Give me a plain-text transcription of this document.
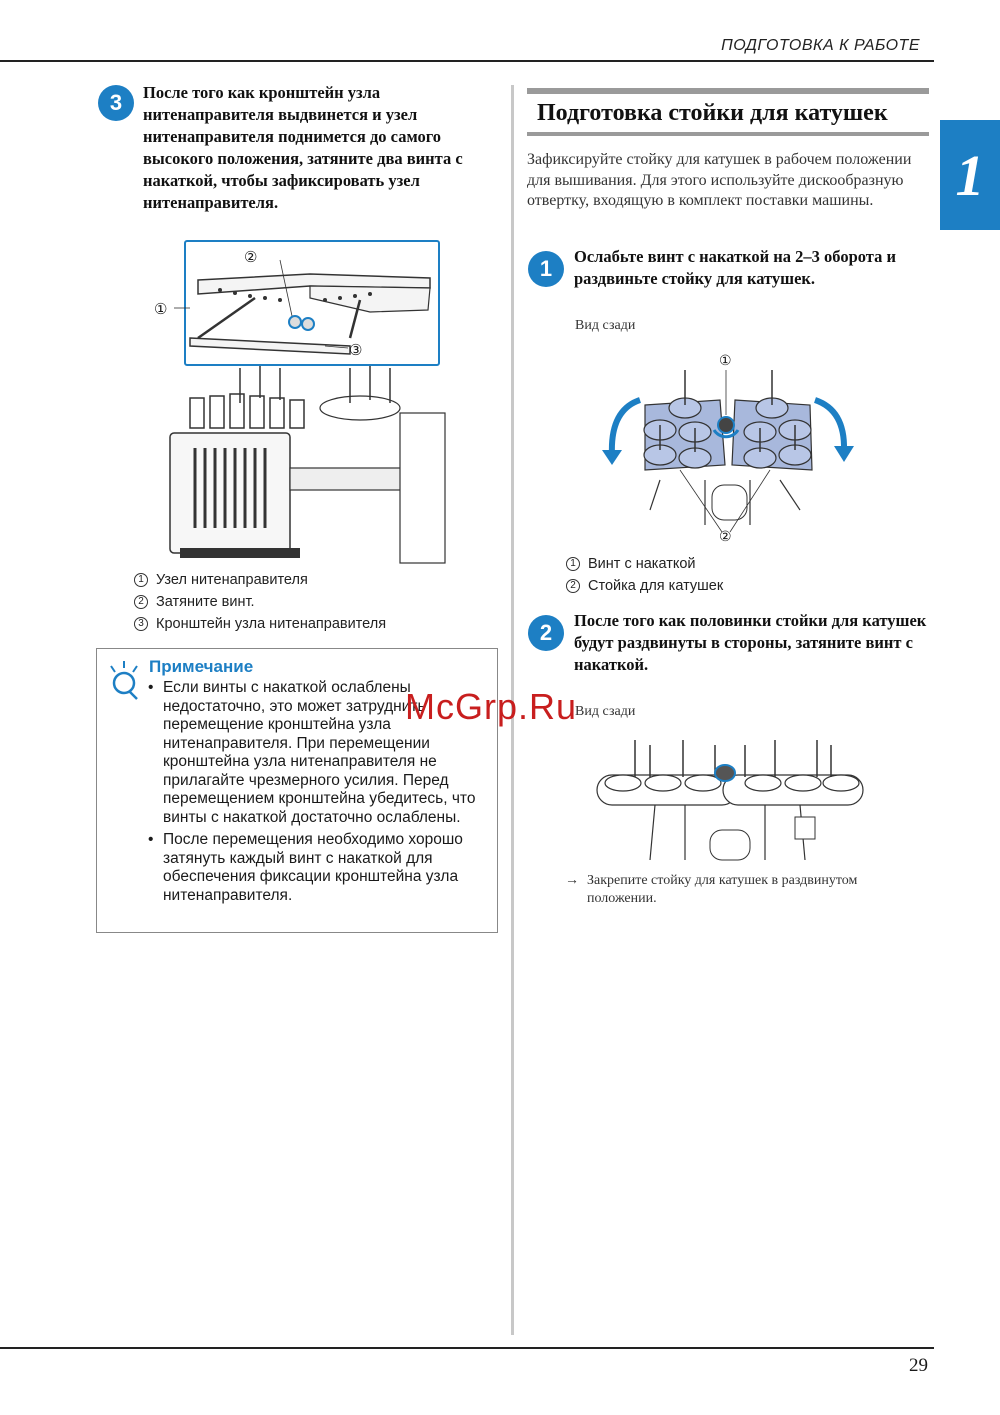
ПОДГОТОВКА К РАБОТЕ
1
3	После того как кронштейн узла нитенаправителя выдвинется и узел нитенаправителя поднимется до самого высокого положения, затяните два винта с накаткой, чтобы зафиксировать узел нитенаправителя.
①
②
③
1 Узел нитенаправителя
2 Затяните винт.
3 Кронштейн узла нитенаправителя
Примечание
• Если винты с накаткой ослаблены недостаточно, это может затруднить перемещение кронштейна узла нитенаправителя. При перемещении кронштейна узла нитенаправителя не прилагайте чрезмерного усилия. Перед перемещением кронштейна убедитесь, что винты с накаткой достаточно ослаблены.
• После перемещения необходимо хорошо затянуть каждый винт с накаткой для обеспечения фиксации кронштейна узла нитенаправителя.
Подготовка стойки для катушек
Зафиксируйте стойку для катушек в рабочем положении для вышивания. Для этого используйте дискообразную отвертку, входящую в комплект поставки машины.
1	Ослабьте винт с накаткой на 2–3 оборота и раздвиньте стойку для катушек.
Вид сзади
①
②
1 Винт с накаткой
2 Стойка для катушек
2	После того как половинки стойки для катушек будут раздвинуты в стороны, затяните винт с накаткой.
Вид сзади
→ Закрепите стойку для катушек в раздвинутом положении.
McGrp.Ru
29
